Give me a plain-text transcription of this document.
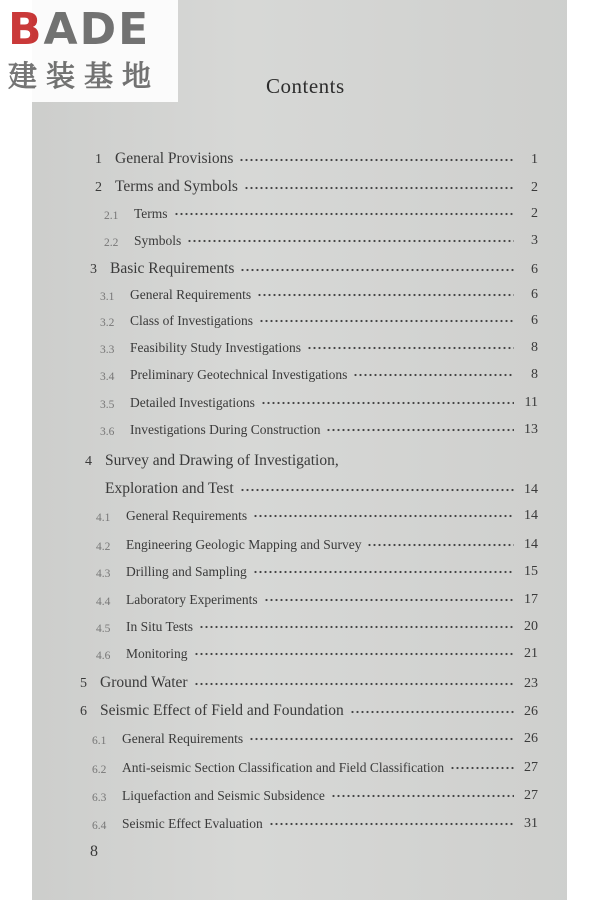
BADE
建装基地	Contents
1 General Provisions	1
2 Terms and Symbols	2
2.1	Terms	2
2.2	Symbols	3
3 Basic Requirements	6
3.1	General Requirements	6
3.2	Class of Investigations	6
3.3	Feasibility Study Investigations	8
3.4	Preliminary Geotechnical Investigations	8
3.5	Detailed Investigations	11
3.6	Investigations During Construction	13
4 Survey and Drawing of Investigation,
Exploration and Test	14
4.1	General Requirements	14
4.2	Engineering Geologic Mapping and Survey	14
4.3	Drilling and Sampling	15
4.4	Laboratory Experiments	17
4.5	In Situ Tests	20
4.6	Monitoring	21
5 Ground Water	23
6 Seismic Effect of Field and Foundation	26
6.1	General Requirements	26
6.2	Anti-seismic Section Classification and Field Classification	27
6.3	Liquefaction and Seismic Subsidence	27
6.4	Seismic Effect Evaluation	31
8
